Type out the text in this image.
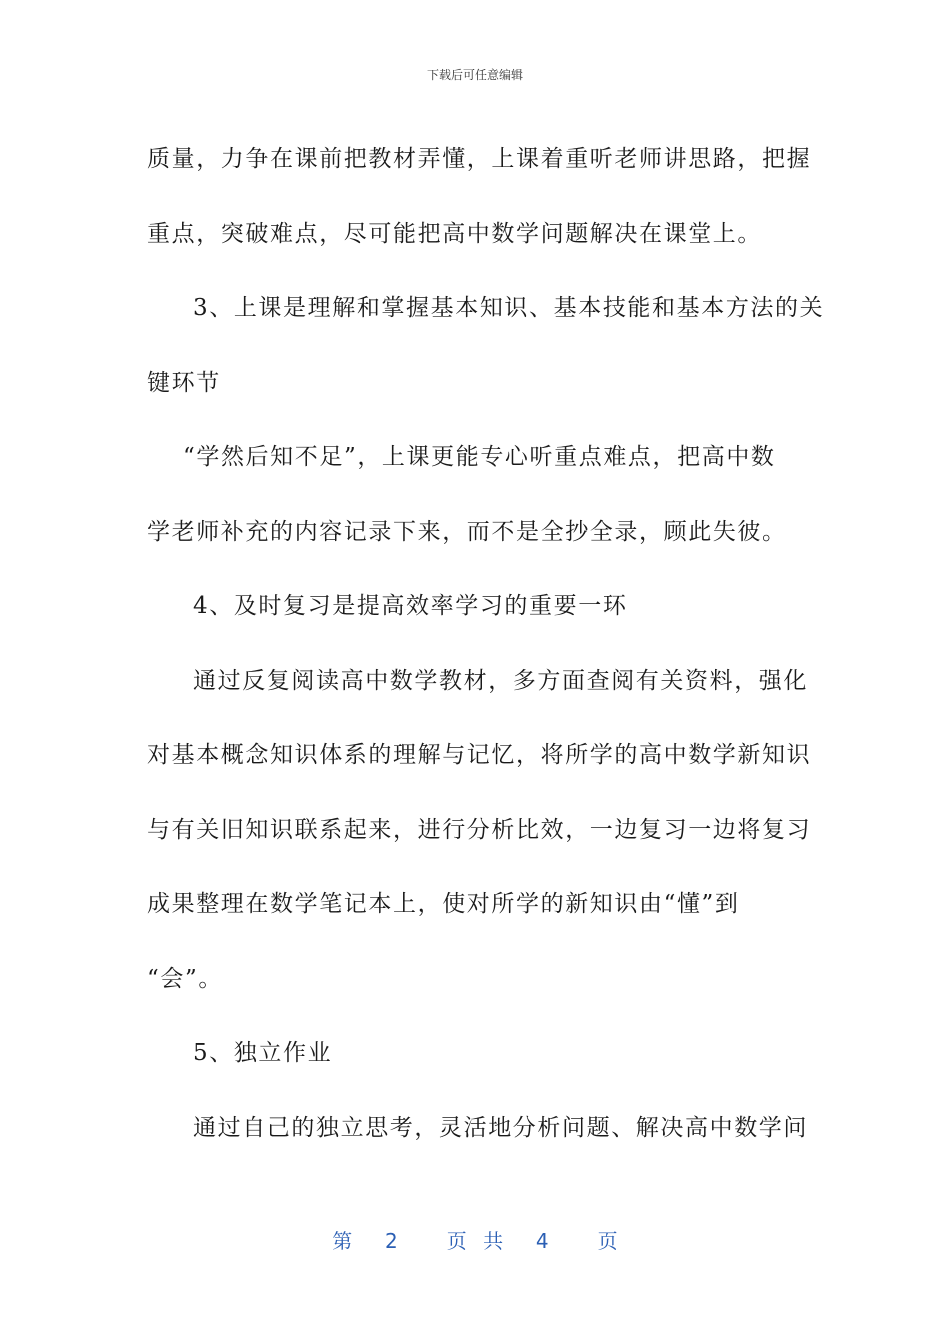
下载后可任意编辑
质量，力争在课前把教材弄懂，上课着重听老师讲思路，把握
重点，突破难点，尽可能把高中数学问题解决在课堂上。
3、上课是理解和掌握基本知识、基本技能和基本方法的关
键环节
“学然后知不足”，上课更能专心听重点难点，把高中数
学老师补充的内容记录下来，而不是全抄全录，顾此失彼。
4、及时复习是提高效率学习的重要一环
通过反复阅读高中数学教材，多方面查阅有关资料，强化
对基本概念知识体系的理解与记忆，将所学的高中数学新知识
与有关旧知识联系起来，进行分析比效，一边复习一边将复习
成果整理在数学笔记本上，使对所学的新知识由“懂”到
“会”。
5、独立作业
通过自己的独立思考，灵活地分析问题、解决高中数学问
第  2   页 共  4   页
